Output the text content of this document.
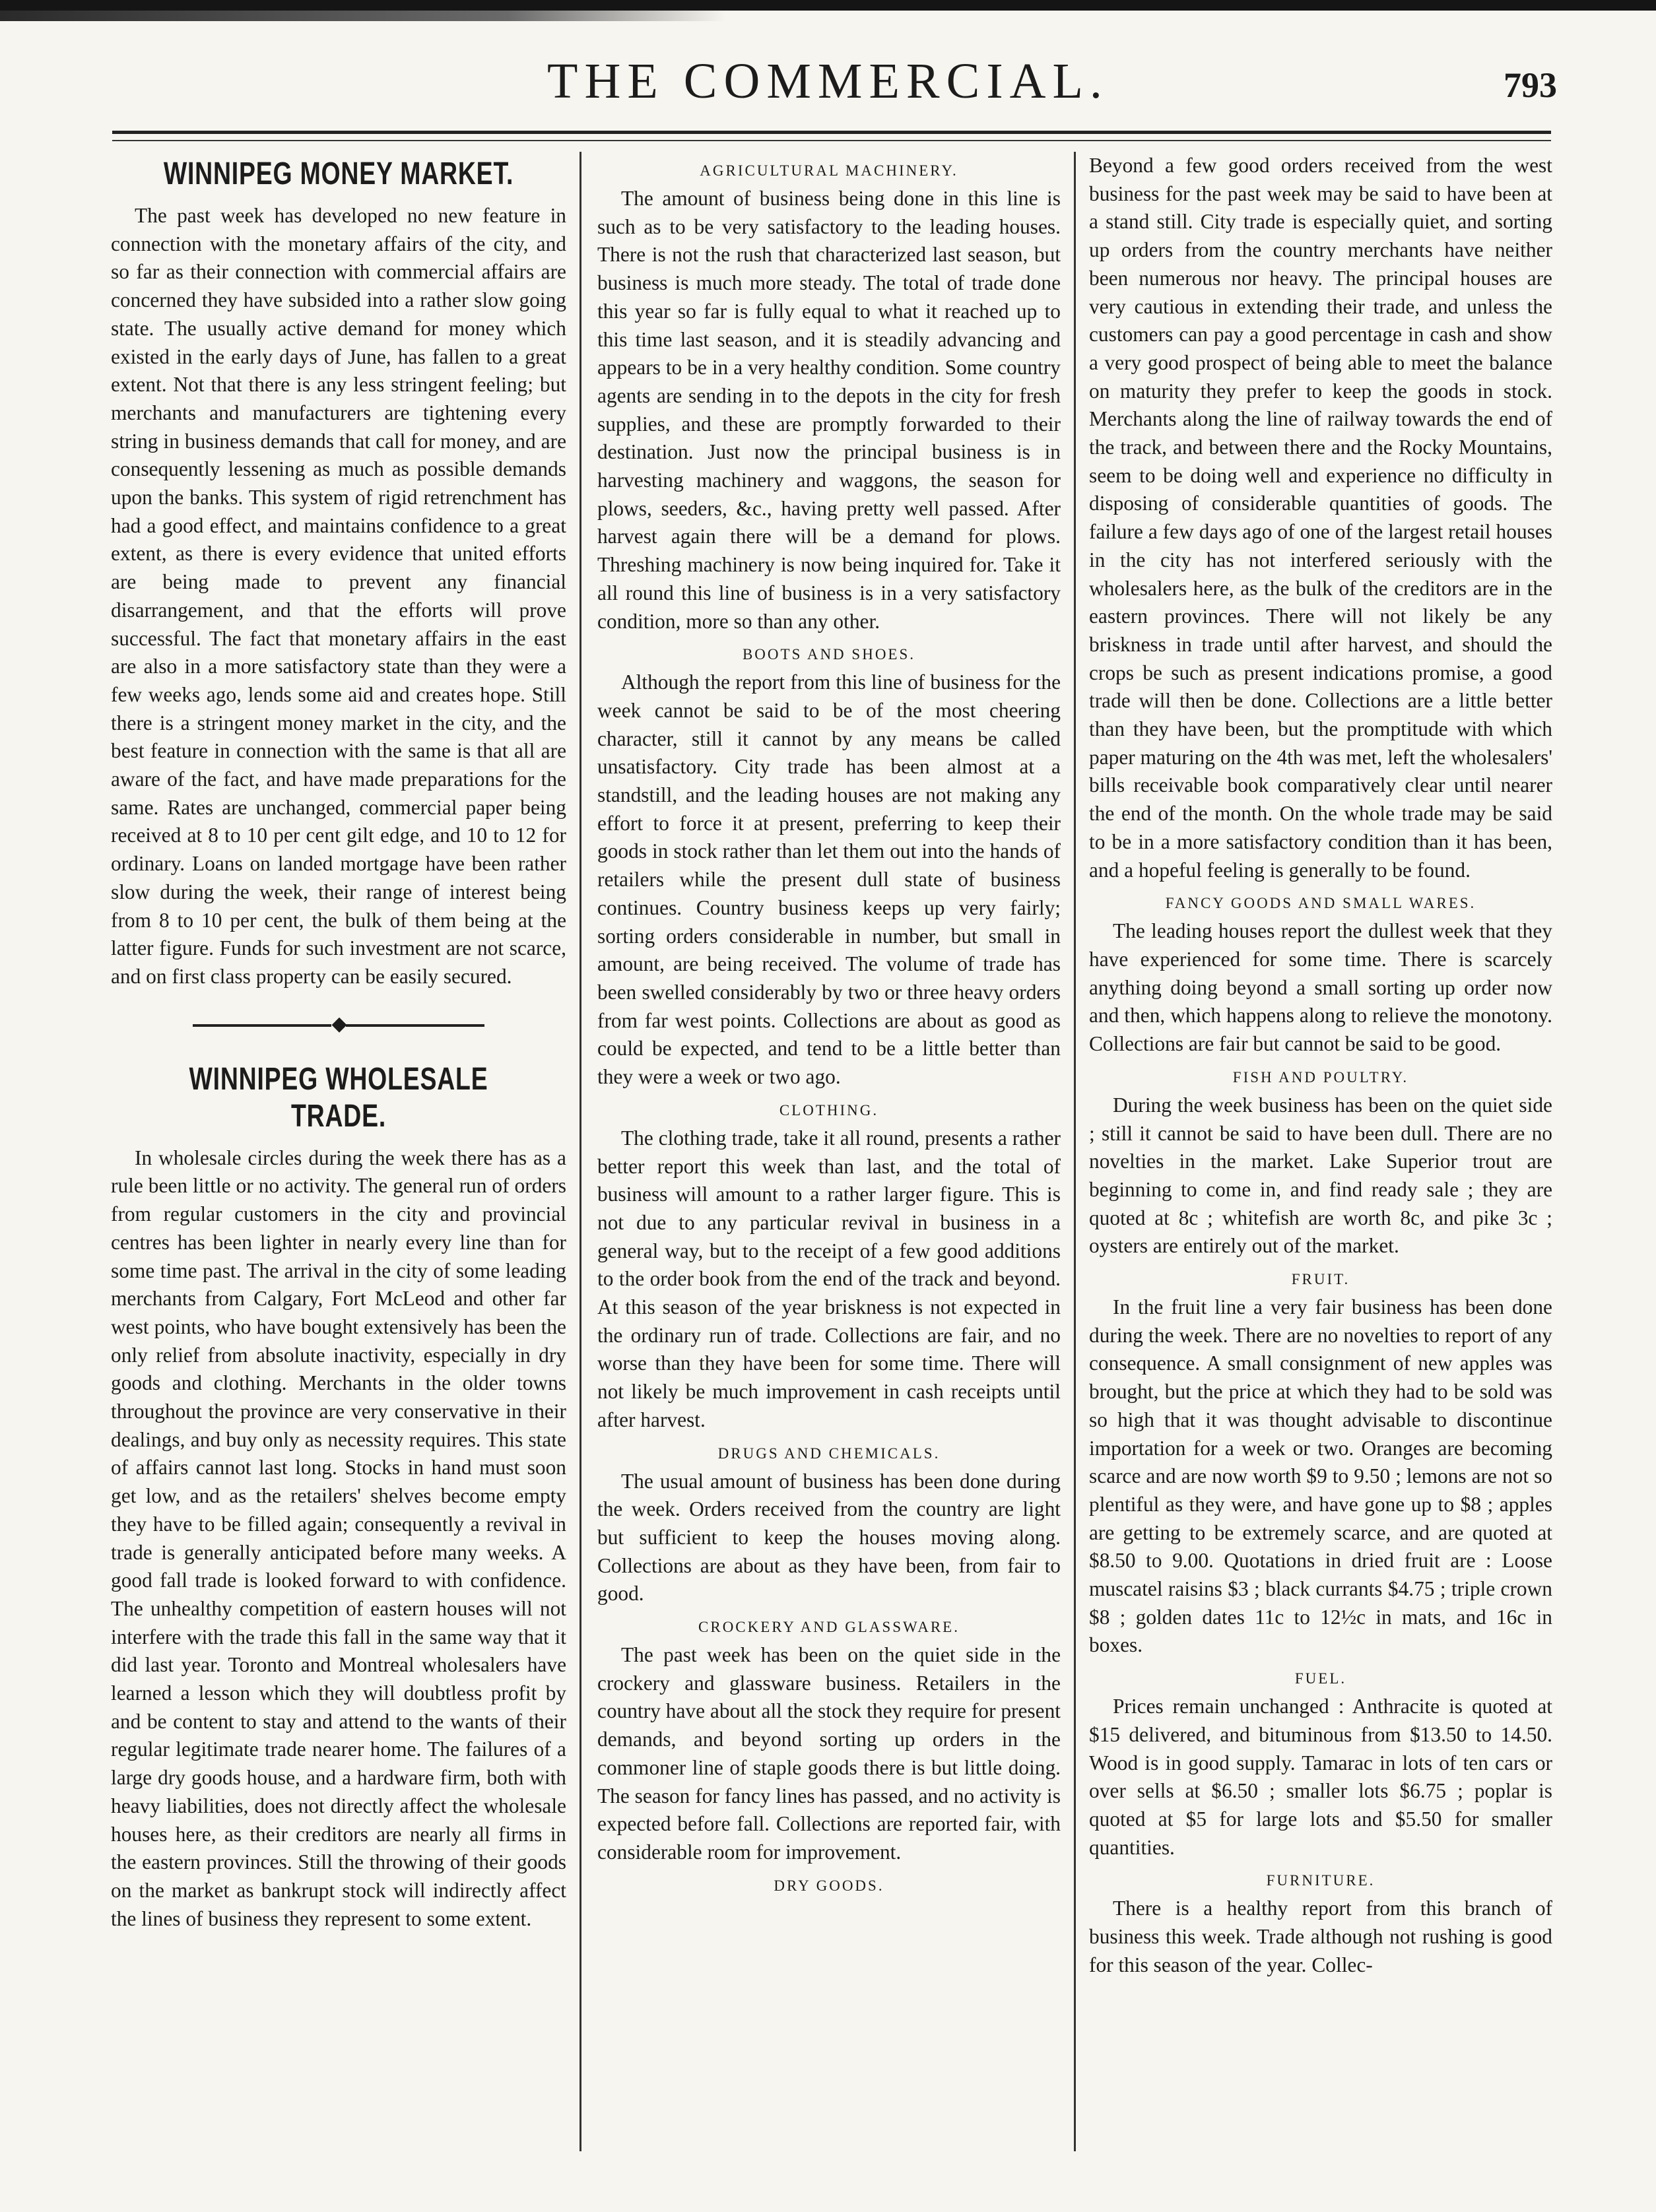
THE COMMERCIAL.	793
WINNIPEG MONEY MARKET.

The past week has developed no new feature in connection with the monetary affairs of the city, and so far as their connection with commercial affairs are concerned they have subsided into a rather slow going state. The usually active demand for money which existed in the early days of June, has fallen to a great extent. Not that there is any less stringent feeling; but merchants and manufacturers are tightening every string in business demands that call for money, and are consequently lessening as much as possible demands upon the banks. This system of rigid retrenchment has had a good effect, and maintains confidence to a great extent, as there is every evidence that united efforts are being made to prevent any financial disarrangement, and that the efforts will prove successful. The fact that monetary affairs in the east are also in a more satisfactory state than they were a few weeks ago, lends some aid and creates hope. Still there is a stringent money market in the city, and the best feature in connection with the same is that all are aware of the fact, and have made preparations for the same. Rates are unchanged, commercial paper being received at 8 to 10 per cent gilt edge, and 10 to 12 for ordinary. Loans on landed mortgage have been rather slow during the week, their range of interest being from 8 to 10 per cent, the bulk of them being at the latter figure. Funds for such investment are not scarce, and on first class property can be easily secured.

◆
WINNIPEG WHOLESALE TRADE.

In wholesale circles during the week there has as a rule been little or no activity. The general run of orders from regular customers in the city and provincial centres has been lighter in nearly every line than for some time past. The arrival in the city of some leading merchants from Calgary, Fort McLeod and other far west points, who have bought extensively has been the only relief from absolute inactivity, especially in dry goods and clothing. Merchants in the older towns throughout the province are very conservative in their dealings, and buy only as necessity requires. This state of affairs cannot last long. Stocks in hand must soon get low, and as the retailers' shelves become empty they have to be filled again; consequently a revival in trade is generally anticipated before many weeks. A good fall trade is looked forward to with confidence. The unhealthy competition of eastern houses will not interfere with the trade this fall in the same way that it did last year. Toronto and Montreal wholesalers have learned a lesson which they will doubtless profit by and be content to stay and attend to the wants of their regular legitimate trade nearer home. The failures of a large dry goods house, and a hardware firm, both with heavy liabilities, does not directly affect the wholesale houses here, as their creditors are nearly all firms in the eastern provinces. Still the throwing of their goods on the market as bankrupt stock will indirectly affect the lines of business they represent to some extent.

AGRICULTURAL MACHINERY.

The amount of business being done in this line is such as to be very satisfactory to the leading houses. There is not the rush that characterized last season, but business is much more steady. The total of trade done this year so far is fully equal to what it reached up to this time last season, and it is steadily advancing and appears to be in a very healthy condition. Some country agents are sending in to the depots in the city for fresh supplies, and these are promptly forwarded to their destination. Just now the principal business is in harvesting machinery and waggons, the season for plows, seeders, &c., having pretty well passed. After harvest again there will be a demand for plows. Threshing machinery is now being inquired for. Take it all round this line of business is in a very satisfactory condition, more so than any other.

BOOTS AND SHOES.

Although the report from this line of business for the week cannot be said to be of the most cheering character, still it cannot by any means be called unsatisfactory. City trade has been almost at a standstill, and the leading houses are not making any effort to force it at present, preferring to keep their goods in stock rather than let them out into the hands of retailers while the present dull state of business continues. Country business keeps up very fairly; sorting orders considerable in number, but small in amount, are being received. The volume of trade has been swelled considerably by two or three heavy orders from far west points. Collections are about as good as could be expected, and tend to be a little better than they were a week or two ago.

CLOTHING.

The clothing trade, take it all round, presents a rather better report this week than last, and the total of business will amount to a rather larger figure. This is not due to any particular revival in business in a general way, but to the receipt of a few good additions to the order book from the end of the track and beyond. At this season of the year briskness is not expected in the ordinary run of trade. Collections are fair, and no worse than they have been for some time. There will not likely be much improvement in cash receipts until after harvest.

DRUGS AND CHEMICALS.

The usual amount of business has been done during the week. Orders received from the country are light but sufficient to keep the houses moving along. Collections are about as they have been, from fair to good.

CROCKERY AND GLASSWARE.

The past week has been on the quiet side in the crockery and glassware business. Retailers in the country have about all the stock they require for present demands, and beyond sorting up orders in the commoner line of staple goods there is but little doing. The season for fancy lines has passed, and no activity is expected before fall. Collections are reported fair, with considerable room for improvement.

DRY GOODS.

Beyond a few good orders received from the west business for the past week may be said to have been at a stand still. City trade is especially quiet, and sorting up orders from the country merchants have neither been numerous nor heavy. The principal houses are very cautious in extending their trade, and unless the customers can pay a good percentage in cash and show a very good prospect of being able to meet the balance on maturity they prefer to keep the goods in stock. Merchants along the line of railway towards the end of the track, and between there and the Rocky Mountains, seem to be doing well and experience no difficulty in disposing of considerable quantities of goods. The failure a few days ago of one of the largest retail houses in the city has not interfered seriously with the wholesalers here, as the bulk of the creditors are in the eastern provinces. There will not likely be any briskness in trade until after harvest, and should the crops be such as present indications promise, a good trade will then be done. Collections are a little better than they have been, but the promptitude with which paper maturing on the 4th was met, left the wholesalers' bills receivable book comparatively clear until nearer the end of the month. On the whole trade may be said to be in a more satisfactory condition than it has been, and a hopeful feeling is generally to be found.

FANCY GOODS AND SMALL WARES.

The leading houses report the dullest week that they have experienced for some time. There is scarcely anything doing beyond a small sorting up order now and then, which happens along to relieve the monotony. Collections are fair but cannot be said to be good.

FISH AND POULTRY.

During the week business has been on the quiet side ; still it cannot be said to have been dull. There are no novelties in the market. Lake Superior trout are beginning to come in, and find ready sale ; they are quoted at 8c ; whitefish are worth 8c, and pike 3c ; oysters are entirely out of the market.

FRUIT.

In the fruit line a very fair business has been done during the week. There are no novelties to report of any consequence. A small consignment of new apples was brought, but the price at which they had to be sold was so high that it was thought advisable to discontinue importation for a week or two. Oranges are becoming scarce and are now worth $9 to 9.50 ; lemons are not so plentiful as they were, and have gone up to $8 ; apples are getting to be extremely scarce, and are quoted at $8.50 to 9.00. Quotations in dried fruit are : Loose muscatel raisins $3 ; black currants $4.75 ; triple crown $8 ; golden dates 11c to 12½c in mats, and 16c in boxes.

FUEL.

Prices remain unchanged : Anthracite is quoted at $15 delivered, and bituminous from $13.50 to 14.50. Wood is in good supply. Tamarac in lots of ten cars or over sells at $6.50 ; smaller lots $6.75 ; poplar is quoted at $5 for large lots and $5.50 for smaller quantities.

FURNITURE.

There is a healthy report from this branch of business this week. Trade although not rushing is good for this season of the year. Collec-
